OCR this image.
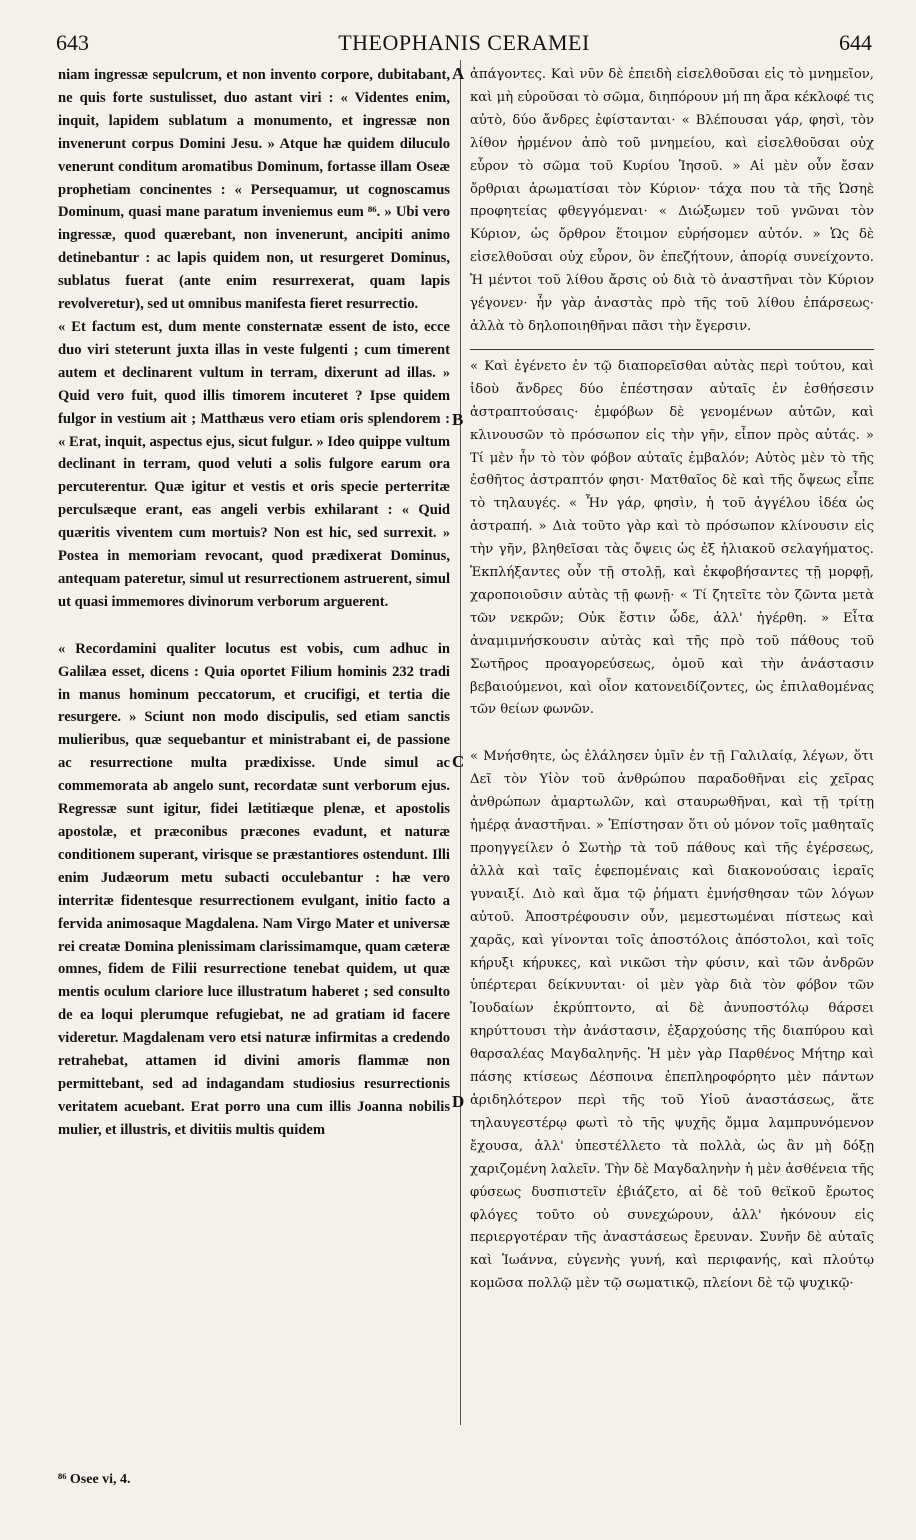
643	THEOPHANIS CERAMEI	644

niam ingressæ sepulcrum, et non invento corpore, dubitabant, ne quis forte sustulisset, duo astant viri : « Videntes enim, inquit, lapidem sublatum a monumento, et ingressæ non invenerunt corpus Domini Jesu. » Atque hæ quidem diluculo venerunt conditum aromatibus Dominum, fortasse illam Oseæ prophetiam concinentes : « Persequamur, ut cognoscamus Dominum, quasi mane paratum inveniemus eum ⁸⁶. » Ubi vero ingressæ, quod quærebant, non invenerunt, ancipiti animo detinebantur : ac lapis quidem non, ut resurgeret Dominus, sublatus fuerat (ante enim resurrexerat, quam lapis revolveretur), sed ut omnibus manifesta fieret resurrectio.

« Et factum est, dum mente consternatæ essent de isto, ecce duo viri steterunt juxta illas in veste fulgenti ; cum timerent autem et declinarent vultum in terram, dixerunt ad illas. » Quid vero fuit, quod illis timorem incuteret ? Ipse quidem fulgor in vestium ait ; Matthæus vero etiam oris splendorem : « Erat, inquit, aspectus ejus, sicut fulgur. » Ideo quippe vultum declinant in terram, quod veluti a solis fulgore earum ora percuterentur. Quæ igitur et vestis et oris specie perterritæ perculsæque erant, eas angeli verbis exhilarant : « Quid quæritis viventem cum mortuis? Non est hic, sed surrexit. » Postea in memoriam revocant, quod prædixerat Dominus, antequam pateretur, simul ut resurrectionem astruerent, simul ut quasi immemores divinorum verborum arguerent.

« Recordamini qualiter locutus est vobis, cum adhuc in Galilæa esset, dicens : Quia oportet Filium hominis 232 tradi in manus hominum peccatorum, et crucifigi, et tertia die resurgere. » Sciunt non modo discipulis, sed etiam sanctis mulieribus, quæ sequebantur et ministrabant ei, de passione ac resurrectione multa prædixisse. Unde simul ac commemorata ab angelo sunt, recordatæ sunt verborum ejus. Regressæ sunt igitur, fidei lætitiæque plenæ, et apostolis apostolæ, et præconibus præcones evadunt, et naturæ conditionem superant, virisque se præstantiores ostendunt. Illi enim Judæorum metu subacti occulebantur : hæ vero interritæ fidentesque resurrectionem evulgant, initio facto a fervida animosaque Magdalena. Nam Virgo Mater et universæ rei creatæ Domina plenissimam clarissimamque, quam cæteræ omnes, fidem de Filii resurrectione tenebat quidem, ut quæ mentis oculum clariore luce illustratum haberet ; sed consulto de ea loqui plerumque refugiebat, ne ad gratiam id facere videretur. Magdalenam vero etsi naturæ infirmitas a credendo retrahebat, attamen id divini amoris flammæ non permittebant, sed ad indagandam studiosius resurrectionis veritatem acuebant. Erat porro una cum illis Joanna nobilis mulier, et illustris, et divitiis multis quidem

A
B
C
D

ἀπάγοντες. Καὶ νῦν δὲ ἐπειδὴ εἰσελθοῦσαι εἰς τὸ μνημεῖον, καὶ μὴ εὑροῦσαι τὸ σῶμα, διηπόρουν μή πη ἄρα κέκλοφέ τις αὐτὸ, δύο ἄνδρες ἐφίστανται· « Βλέπουσαι γάρ, φησὶ, τὸν λίθον ἠρμένον ἀπὸ τοῦ μνημείου, καὶ εἰσελθοῦσαι οὐχ εὗρον τὸ σῶμα τοῦ Κυρίου Ἰησοῦ. » Αἱ μὲν οὖν ἔσαν ὄρθριαι ἀρωματίσαι τὸν Κύριον· τάχα που τὰ τῆς Ὠσηὲ προφητείας φθεγγόμεναι· « Διώξωμεν τοῦ γνῶναι τὸν Κύριον, ὡς ὄρθρον ἕτοιμον εὑρήσομεν αὐτόν. » Ὡς δὲ εἰσελθοῦσαι οὐχ εὗρον, ὃν ἐπεζήτουν, ἀπορίᾳ συνείχοντο. Ἡ μέντοι τοῦ λίθου ἄρσις οὐ διὰ τὸ ἀναστῆναι τὸν Κύριον γέγονεν· ἦν γὰρ ἀναστὰς πρὸ τῆς τοῦ λίθου ἐπάρσεως· ἀλλὰ τὸ δηλοποιηθῆναι πᾶσι τὴν ἔγερσιν.

« Καὶ ἐγένετο ἐν τῷ διαπορεῖσθαι αὐτὰς περὶ τούτου, καὶ ἰδοὺ ἄνδρες δύο ἐπέστησαν αὐταῖς ἐν ἐσθήσεσιν ἀστραπτούσαις· ἐμφόβων δὲ γενομένων αὐτῶν, καὶ κλινουσῶν τὸ πρόσωπον εἰς τὴν γῆν, εἶπον πρὸς αὐτάς. » Τί μὲν ἦν τὸ τὸν φόβον αὐταῖς ἐμβαλόν; Αὐτὸς μὲν τὸ τῆς ἐσθῆτος ἀστραπτόν φησι· Ματθαῖος δὲ καὶ τῆς ὄψεως εἶπε τὸ τηλαυγές. « Ἦν γάρ, φησὶν, ἡ τοῦ ἀγγέλου ἰδέα ὡς ἀστραπή. » Διὰ τοῦτο γὰρ καὶ τὸ πρόσωπον κλίνουσιν εἰς τὴν γῆν, βληθεῖσαι τὰς ὄψεις ὡς ἐξ ἡλιακοῦ σελαγήματος. Ἐκπλήξαντες οὖν τῇ στολῇ, καὶ ἐκφοβήσαντες τῇ μορφῇ, χαροποιοῦσιν αὐτὰς τῇ φωνῇ· « Τί ζητεῖτε τὸν ζῶντα μετὰ τῶν νεκρῶν; Οὐκ ἔστιν ὧδε, ἀλλ' ἠγέρθη. » Εἶτα ἀναμιμνήσκουσιν αὐτὰς καὶ τῆς πρὸ τοῦ πάθους τοῦ Σωτῆρος προαγορεύσεως, ὁμοῦ καὶ τὴν ἀνάστασιν βεβαιούμενοι, καὶ οἷον κατονειδίζοντες, ὡς ἐπιλαθομένας τῶν θείων φωνῶν.

« Μνήσθητε, ὡς ἐλάλησεν ὑμῖν ἐν τῇ Γαλιλαίᾳ, λέγων, ὅτι Δεῖ τὸν Υἱὸν τοῦ ἀνθρώπου παραδοθῆναι εἰς χεῖρας ἀνθρώπων ἁμαρτωλῶν, καὶ σταυρωθῆναι, καὶ τῇ τρίτῃ ἡμέρᾳ ἀναστῆναι. » Ἐπίστησαν ὅτι οὐ μόνον τοῖς μαθηταῖς προηγγείλεν ὁ Σωτὴρ τὰ τοῦ πάθους καὶ τῆς ἐγέρσεως, ἀλλὰ καὶ ταῖς ἑφεπομέναις καὶ διακονούσαις ἱεραῖς γυναιξί. Διὸ καὶ ἅμα τῷ ῥήματι ἐμνήσθησαν τῶν λόγων αὐτοῦ. Ἀποστρέφουσιν οὖν, μεμεστωμέναι πίστεως καὶ χαρᾶς, καὶ γίνονται τοῖς ἀποστόλοις ἀπόστολοι, καὶ τοῖς κήρυξι κήρυκες, καὶ νικῶσι τὴν φύσιν, καὶ τῶν ἀνδρῶν ὑπέρτεραι δείκνυνται· οἱ μὲν γὰρ διὰ τὸν φόβον τῶν Ἰουδαίων ἐκρύπτοντο, αἱ δὲ ἀνυποστόλῳ θάρσει κηρύττουσι τὴν ἀνάστασιν, ἐξαρχούσης τῆς διαπύρου καὶ θαρσαλέας Μαγδαληνῆς. Ἡ μὲν γὰρ Παρθένος Μήτηρ καὶ πάσης κτίσεως Δέσποινα ἐπεπληροφόρητο μὲν πάντων ἀριδηλότερον περὶ τῆς τοῦ Υἱοῦ ἀναστάσεως, ἅτε τηλαυγεστέρῳ φωτὶ τὸ τῆς ψυχῆς ὄμμα λαμπρυνόμενον ἔχουσα, ἀλλ' ὑπεστέλλετο τὰ πολλὰ, ὡς ἂν μὴ δόξῃ χαριζομένη λαλεῖν. Τὴν δὲ Μαγδαληνὴν ἡ μὲν ἀσθένεια τῆς φύσεως δυσπιστεῖν ἐβιάζετο, αἱ δὲ τοῦ θεϊκοῦ ἔρωτος φλόγες τοῦτο οὐ συνεχώρουν, ἀλλ' ἠκόνουν εἰς περιεργοτέραν τῆς ἀναστάσεως ἔρευναν. Συνῆν δὲ αὐταῖς καὶ Ἰωάννα, εὐγενὴς γυνή, καὶ περιφανής, καὶ πλούτῳ κομῶσα πολλῷ μὲν τῷ σωματικῷ, πλείονι δὲ τῷ ψυχικῷ·

⁸⁶ Osee vi, 4.
